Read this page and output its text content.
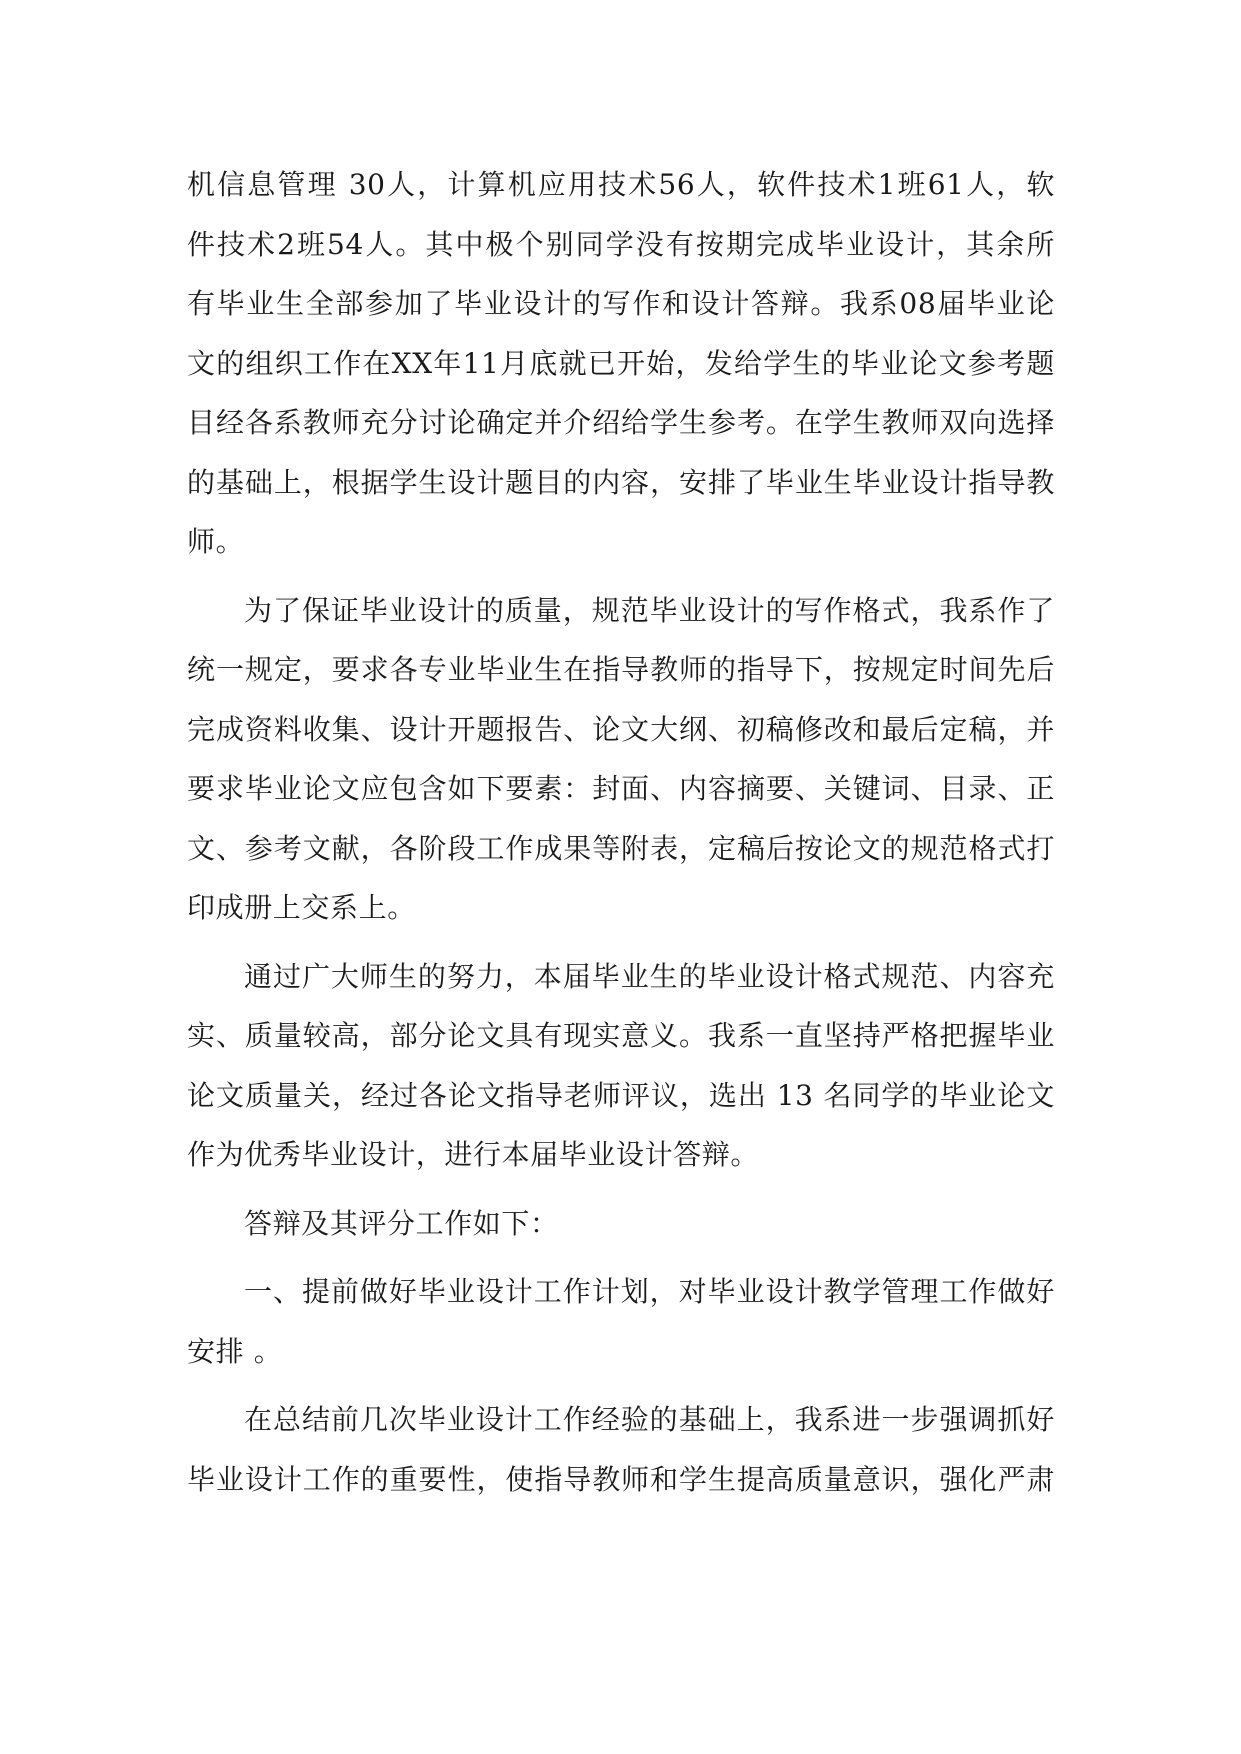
机信息管理 30人，计算机应用技术56人，软件技术1班61人，软
件技术2班54人。其中极个别同学没有按期完成毕业设计，其余所
有毕业生全部参加了毕业设计的写作和设计答辩。我系08届毕业论
文的组织工作在XX年11月底就已开始，发给学生的毕业论文参考题
目经各系教师充分讨论确定并介绍给学生参考。在学生教师双向选择
的基础上，根据学生设计题目的内容，安排了毕业生毕业设计指导教
师。
为了保证毕业设计的质量，规范毕业设计的写作格式，我系作了
统一规定，要求各专业毕业生在指导教师的指导下，按规定时间先后
完成资料收集、设计开题报告、论文大纲、初稿修改和最后定稿，并
要求毕业论文应包含如下要素：封面、内容摘要、关键词、目录、正
文、参考文献，各阶段工作成果等附表，定稿后按论文的规范格式打
印成册上交系上。
通过广大师生的努力，本届毕业生的毕业设计格式规范、内容充
实、质量较高，部分论文具有现实意义。我系一直坚持严格把握毕业
论文质量关，经过各论文指导老师评议，选出 13 名同学的毕业论文
作为优秀毕业设计，进行本届毕业设计答辩。
答辩及其评分工作如下：
一、提前做好毕业设计工作计划，对毕业设计教学管理工作做好
安排 。
在总结前几次毕业设计工作经验的基础上，我系进一步强调抓好
毕业设计工作的重要性，使指导教师和学生提高质量意识，强化严肃
